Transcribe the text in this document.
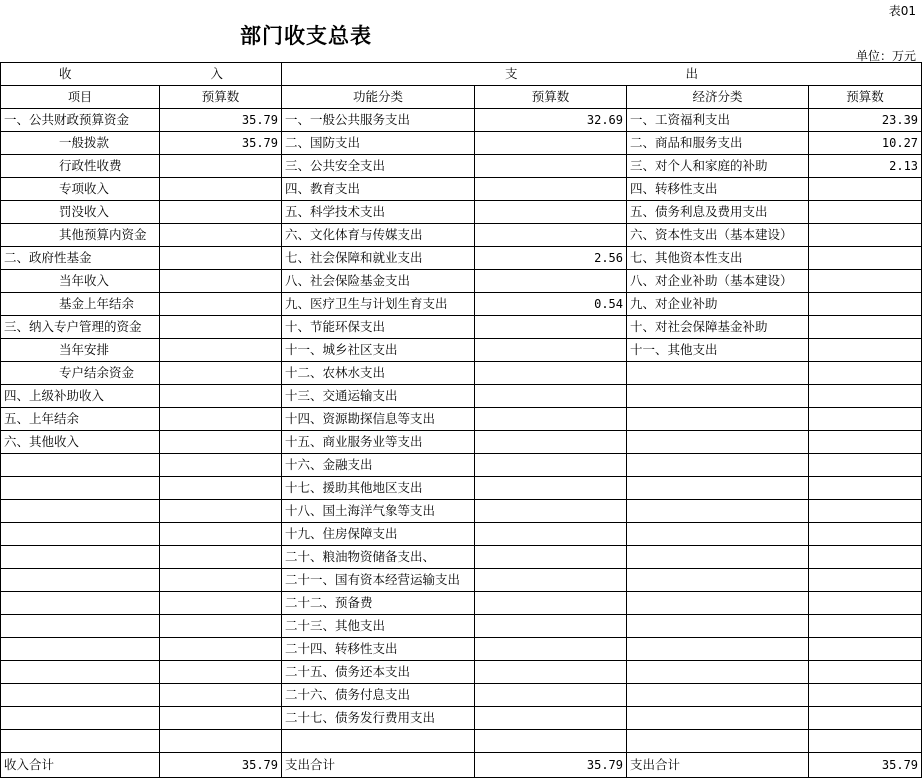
表01
部门收支总表
单位：万元
收 入		支 出			

项目	预算数	功能分类	预算数	经济分类	预算数
一、公共财政预算资金	35.79	一、一般公共服务支出	32.69	一、工资福利支出	23.39
一般拨款	35.79	二、国防支出		二、商品和服务支出	10.27
行政性收费		三、公共安全支出		三、对个人和家庭的补助	2.13
专项收入		四、教育支出		四、转移性支出	
罚没收入		五、科学技术支出		五、债务利息及费用支出	
其他预算内资金		六、文化体育与传媒支出		六、资本性支出（基本建设）	
二、政府性基金		七、社会保障和就业支出	2.56	七、其他资本性支出	
当年收入		八、社会保险基金支出		八、对企业补助（基本建设）	
基金上年结余		九、医疗卫生与计划生育支出	0.54	九、对企业补助	
三、纳入专户管理的资金		十、节能环保支出		十、对社会保障基金补助	
当年安排		十一、城乡社区支出		十一、其他支出	
专户结余资金		十二、农林水支出			
四、上级补助收入		十三、交通运输支出			
五、上年结余		十四、资源勘探信息等支出			
六、其他收入		十五、商业服务业等支出			
		十六、金融支出			
		十七、援助其他地区支出			
		十八、国土海洋气象等支出			
		十九、住房保障支出			
		二十、粮油物资储备支出、			
		二十一、国有资本经营运输支出			
		二十二、预备费			
		二十三、其他支出			
		二十四、转移性支出			
		二十五、债务还本支出			
		二十六、债务付息支出			
		二十七、债务发行费用支出			

收入合计	35.79	支出合计	35.79	支出合计	35.79
